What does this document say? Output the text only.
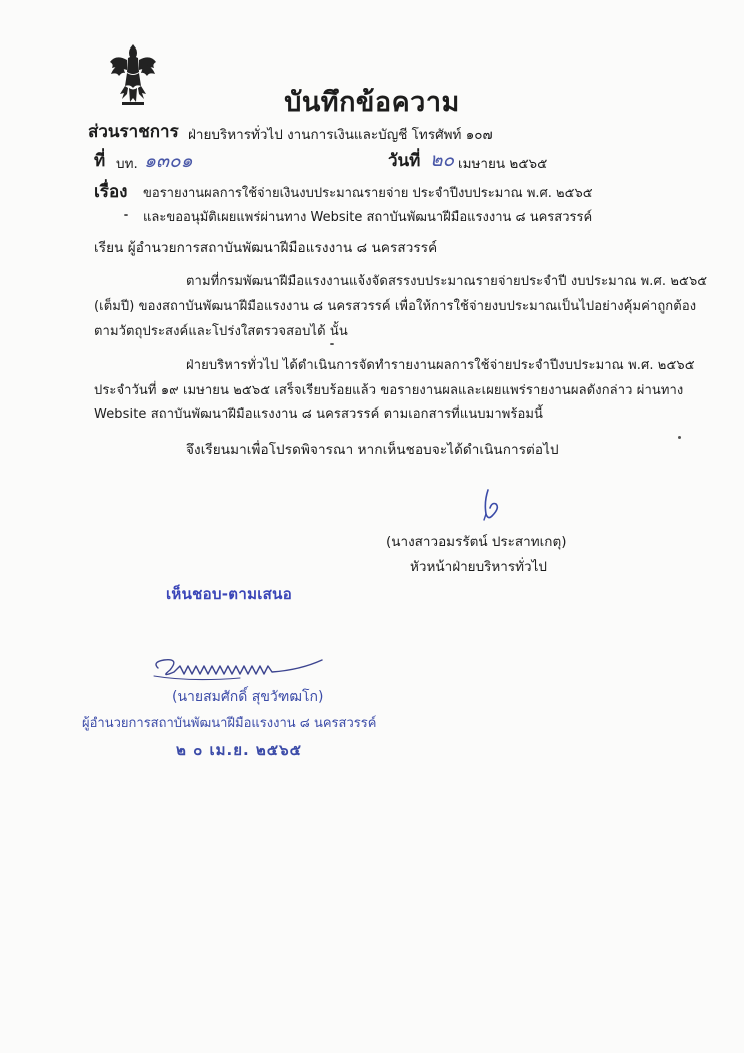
บันทึกข้อความ
ส่วนราชการ ฝ่ายบริหารทั่วไป งานการเงินและบัญชี โทรศัพท์ ๑๐๗
ที่ บท. ๑๓๐๑	วันที่ ๒๐ เมษายน ๒๕๖๕
เรื่อง ขอรายงานผลการใช้จ่ายเงินงบประมาณรายจ่าย ประจำปีงบประมาณ พ.ศ. ๒๕๖๕
และขออนุมัติเผยแพร่ผ่านทาง Website สถาบันพัฒนาฝีมือแรงงาน ๘ นครสวรรค์
เรียน ผู้อำนวยการสถาบันพัฒนาฝีมือแรงงาน ๘ นครสวรรค์
ตามที่กรมพัฒนาฝีมือแรงงานแจ้งจัดสรรงบประมาณรายจ่ายประจำปี งบประมาณ พ.ศ. ๒๕๖๕
(เต็มปี) ของสถาบันพัฒนาฝีมือแรงงาน ๘ นครสวรรค์ เพื่อให้การใช้จ่ายงบประมาณเป็นไปอย่างคุ้มค่าถูกต้อง
ตามวัตถุประสงค์และโปร่งใสตรวจสอบได้ นั้น
ฝ่ายบริหารทั่วไป ได้ดำเนินการจัดทำรายงานผลการใช้จ่ายประจำปีงบประมาณ พ.ศ. ๒๕๖๕
ประจำวันที่ ๑๙ เมษายน ๒๕๖๕ เสร็จเรียบร้อยแล้ว ขอรายงานผลและเผยแพร่รายงานผลดังกล่าว ผ่านทาง
Website สถาบันพัฒนาฝีมือแรงงาน ๘ นครสวรรค์ ตามเอกสารที่แนบมาพร้อมนี้
จึงเรียนมาเพื่อโปรดพิจารณา หากเห็นชอบจะได้ดำเนินการต่อไป
(นางสาวอมรรัตน์ ประสาทเกตุ)
หัวหน้าฝ่ายบริหารทั่วไป
เห็นชอบ-ตามเสนอ
(นายสมศักดิ์ สุขวัฑฒโก)
ผู้อำนวยการสถาบันพัฒนาฝีมือแรงงาน ๘ นครสวรรค์
๒ ๐ เม.ย. ๒๕๖๕
